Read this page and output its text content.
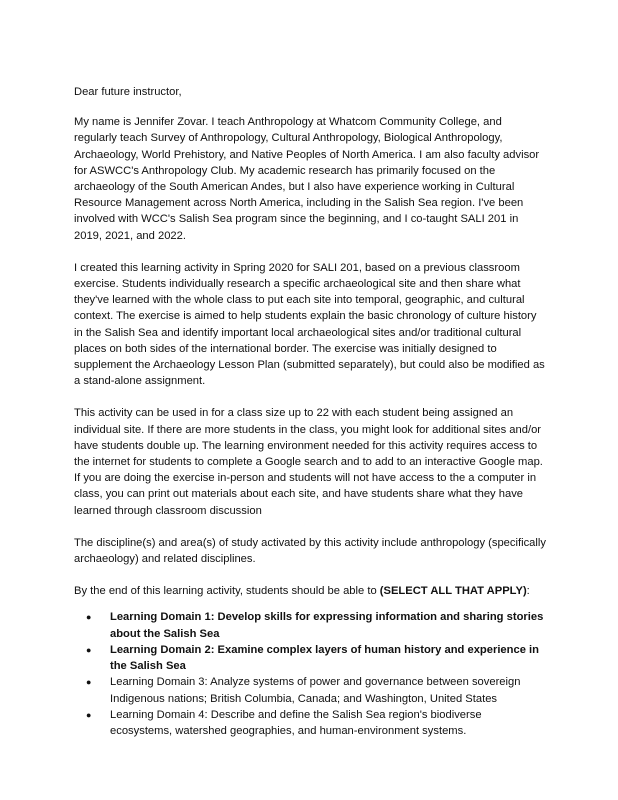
Dear future instructor,

My name is Jennifer Zovar. I teach Anthropology at Whatcom Community College, and regularly teach Survey of Anthropology, Cultural Anthropology, Biological Anthropology, Archaeology, World Prehistory, and Native Peoples of North America. I am also faculty advisor for ASWCC's Anthropology Club. My academic research has primarily focused on the archaeology of the South American Andes, but I also have experience working in Cultural Resource Management across North America, including in the Salish Sea region. I've been involved with WCC's Salish Sea program since the beginning, and I co-taught SALI 201 in 2019, 2021, and 2022.

I created this learning activity in Spring 2020 for SALI 201, based on a previous classroom exercise. Students individually research a specific archaeological site and then share what they've learned with the whole class to put each site into temporal, geographic, and cultural context. The exercise is aimed to help students explain the basic chronology of culture history in the Salish Sea and identify important local archaeological sites and/or traditional cultural places on both sides of the international border. The exercise was initially designed to supplement the Archaeology Lesson Plan (submitted separately), but could also be modified as a stand-alone assignment.

This activity can be used in for a class size up to 22 with each student being assigned an individual site. If there are more students in the class, you might look for additional sites and/or have students double up. The learning environment needed for this activity requires access to the internet for students to complete a Google search and to add to an interactive Google map. If you are doing the exercise in-person and students will not have access to the a computer in class, you can print out materials about each site, and have students share what they have learned through classroom discussion

The discipline(s) and area(s) of study activated by this activity include anthropology (specifically archaeology) and related disciplines.

By the end of this learning activity, students should be able to (SELECT ALL THAT APPLY):

● Learning Domain 1: Develop skills for expressing information and sharing stories about the Salish Sea
● Learning Domain 2: Examine complex layers of human history and experience in the Salish Sea
● Learning Domain 3: Analyze systems of power and governance between sovereign Indigenous nations; British Columbia, Canada; and Washington, United States
● Learning Domain 4: Describe and define the Salish Sea region's biodiverse ecosystems, watershed geographies, and human-environment systems.
